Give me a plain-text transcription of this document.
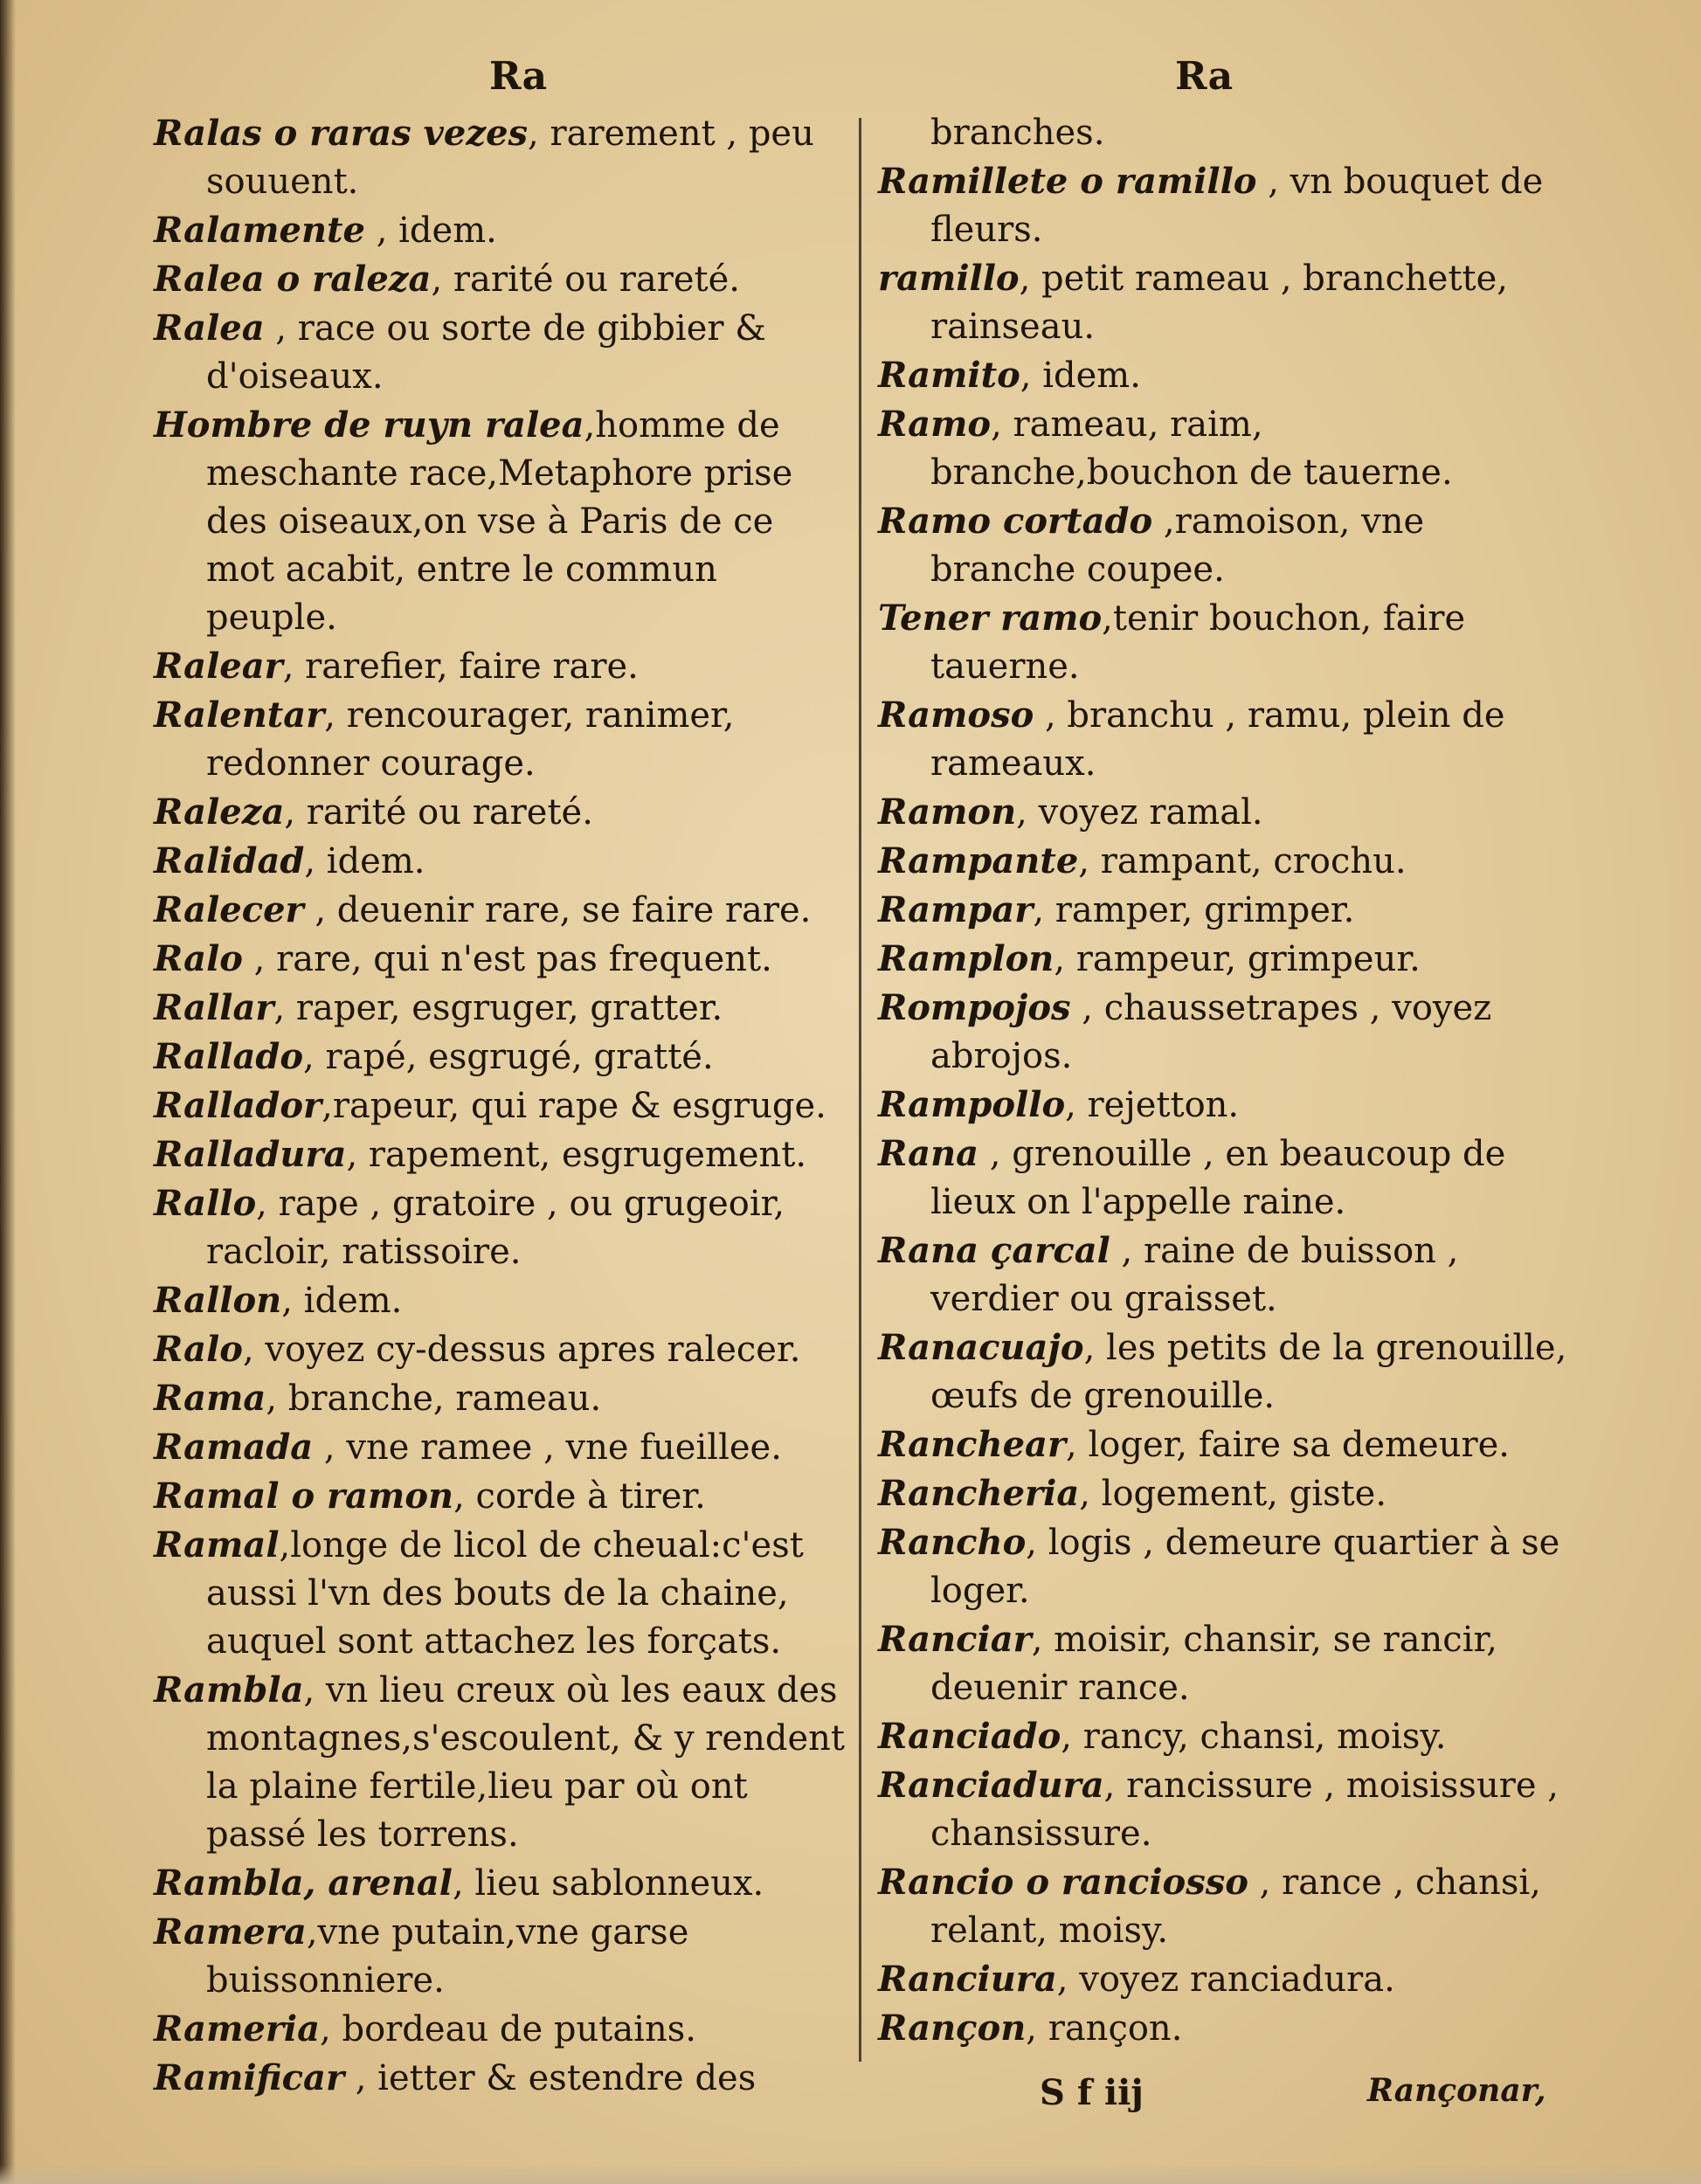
Ra	Ra

Ralas o raras vezes, rarement , peu souuent.

Ralamente , idem.

Ralea o raleza, rarité ou rareté.

Ralea , race ou sorte de gibbier & d'oiseaux.

Hombre de ruyn ralea,homme de meschante race,Metaphore prise des oiseaux,on vse à Paris de ce mot acabit, entre le commun peuple.

Ralear, rarefier, faire rare.

Ralentar, rencourager, ranimer, redonner courage.

Raleza, rarité ou rareté.

Ralidad, idem.

Ralecer , deuenir rare, se faire rare.

Ralo , rare, qui n'est pas frequent.

Rallar, raper, esgruger, gratter.

Rallado, rapé, esgrugé, gratté.

Rallador,rapeur, qui rape & esgruge.

Ralladura, rapement, esgrugement.

Rallo, rape , gratoire , ou grugeoir, racloir, ratissoire.

Rallon, idem.

Ralo, voyez cy-dessus apres ralecer.

Rama, branche, rameau.

Ramada , vne ramee , vne fueillee.

Ramal o ramon, corde à tirer.

Ramal,longe de licol de cheual:c'est aussi l'vn des bouts de la chaine, auquel sont attachez les forçats.

Rambla, vn lieu creux où les eaux des montagnes,s'escoulent, & y rendent la plaine fertile,lieu par où ont passé les torrens.

Rambla, arenal, lieu sablonneux.

Ramera,vne putain,vne garse buissonniere.

Rameria, bordeau de putains.

Ramificar , ietter & estendre des

branches.

Ramillete o ramillo , vn bouquet de fleurs.

ramillo, petit rameau , branchette, rainseau.

Ramito, idem.

Ramo, rameau, raim, branche,bouchon de tauerne.

Ramo cortado ,ramoison, vne branche coupee.

Tener ramo,tenir bouchon, faire tauerne.

Ramoso , branchu , ramu, plein de rameaux.

Ramon, voyez ramal.

Rampante, rampant, crochu.

Rampar, ramper, grimper.

Ramplon, rampeur, grimpeur.

Rompojos , chaussetrapes , voyez abrojos.

Rampollo, rejetton.

Rana , grenouille , en beaucoup de lieux on l'appelle raine.

Rana çarcal , raine de buisson , verdier ou graisset.

Ranacuajo, les petits de la grenouille, œufs de grenouille.

Ranchear, loger, faire sa demeure.

Rancheria, logement, giste.

Rancho, logis , demeure quartier à se loger.

Ranciar, moisir, chansir, se rancir, deuenir rance.

Ranciado, rancy, chansi, moisy.

Ranciadura, rancissure , moisissure , chansissure.

Rancio o ranciosso , rance , chansi, relant, moisy.

Ranciura, voyez ranciadura.

Rançon, rançon.

S f iij	Rançonar,
